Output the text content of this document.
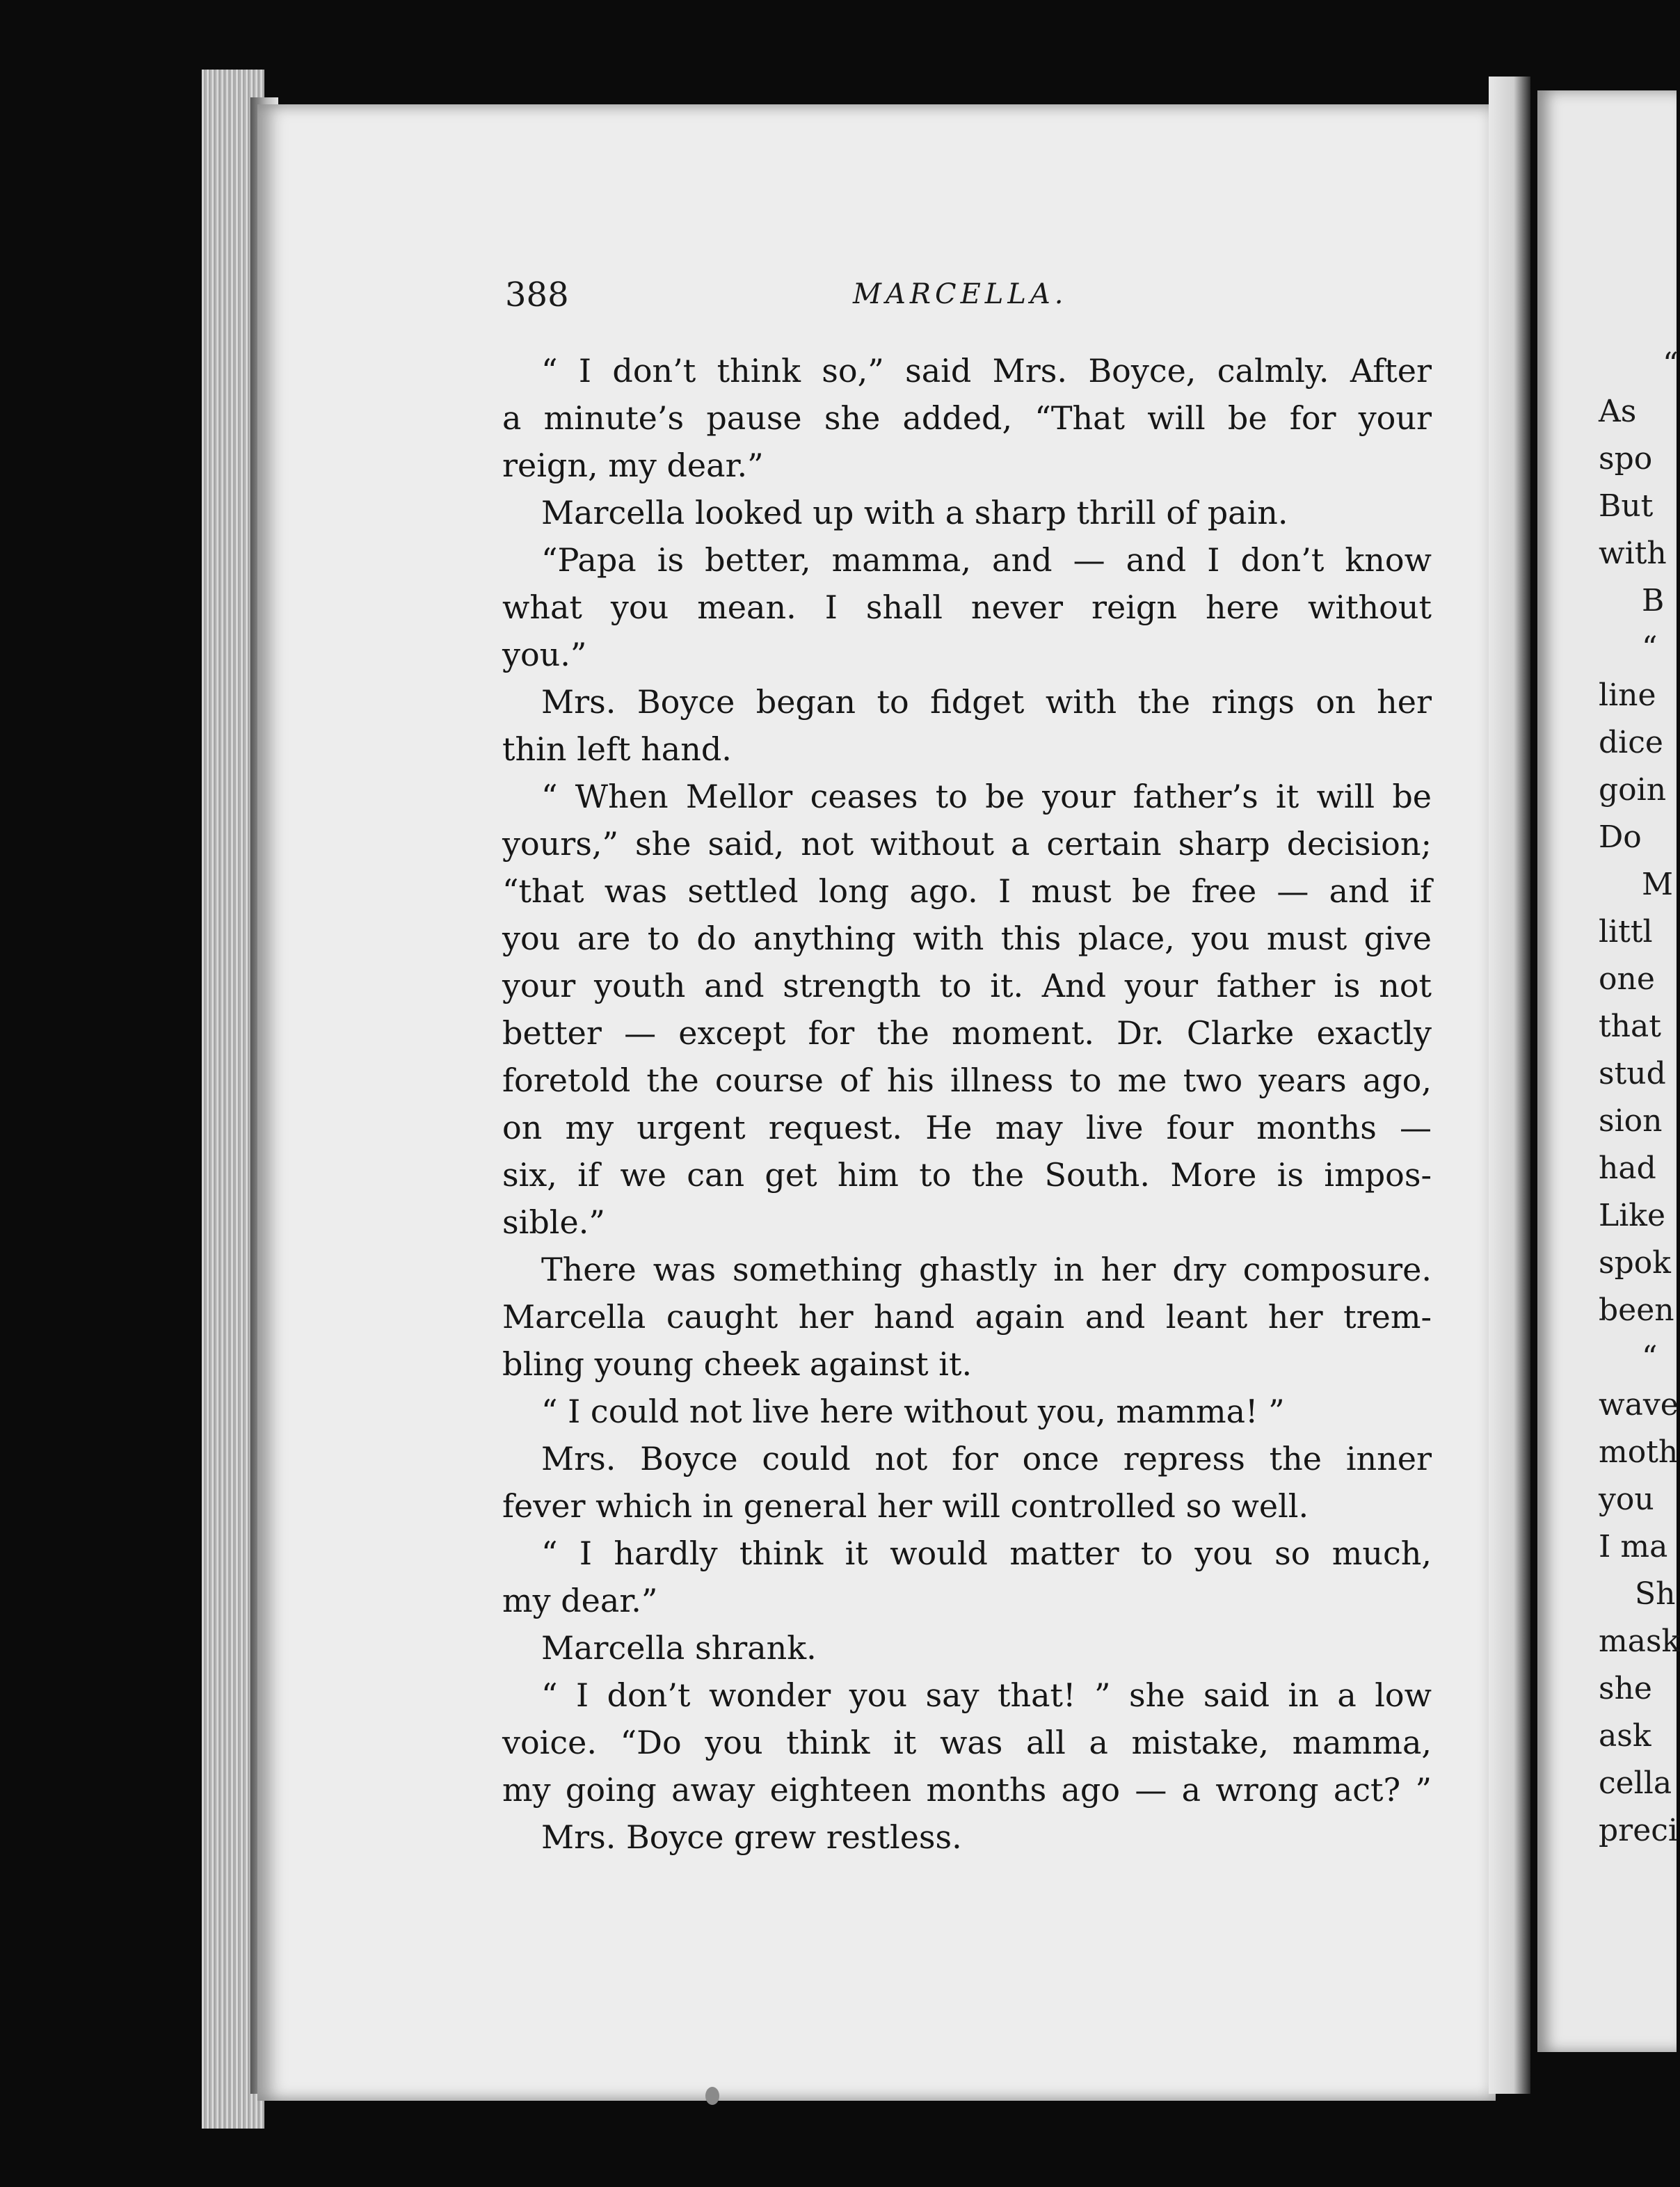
388	MARCELLA.
“ I don’t think so,” said Mrs. Boyce, calmly. After
a minute’s pause she added, “That will be for your
reign, my dear.”
Marcella looked up with a sharp thrill of pain.
“Papa is better, mamma, and — and I don’t know
what you mean. I shall never reign here without
you.”
Mrs. Boyce began to fidget with the rings on her
thin left hand.
“ When Mellor ceases to be your father’s it will be
yours,” she said, not without a certain sharp decision;
“that was settled long ago. I must be free — and if
you are to do anything with this place, you must give
your youth and strength to it. And your father is not
better — except for the moment. Dr. Clarke exactly
foretold the course of his illness to me two years ago,
on my urgent request. He may live four months —
six, if we can get him to the South. More is impos-
sible.”
There was something ghastly in her dry composure.
Marcella caught her hand again and leant her trem-
bling young cheek against it.
“ I could not live here without you, mamma! ”
Mrs. Boyce could not for once repress the inner
fever which in general her will controlled so well.
“ I hardly think it would matter to you so much,
my dear.”
Marcella shrank.
“ I don’t wonder you say that! ” she said in a low
voice. “Do you think it was all a mistake, mamma,
my going away eighteen months ago — a wrong act? ”
Mrs. Boyce grew restless.
“
As
spo
But
with
B
“
line
dice
goin
Do
M
littl
one
that
stud
sion
had
Like
spok
been
“
wave
moth
you
I ma
Sh
mask
she
ask
cella
preci
